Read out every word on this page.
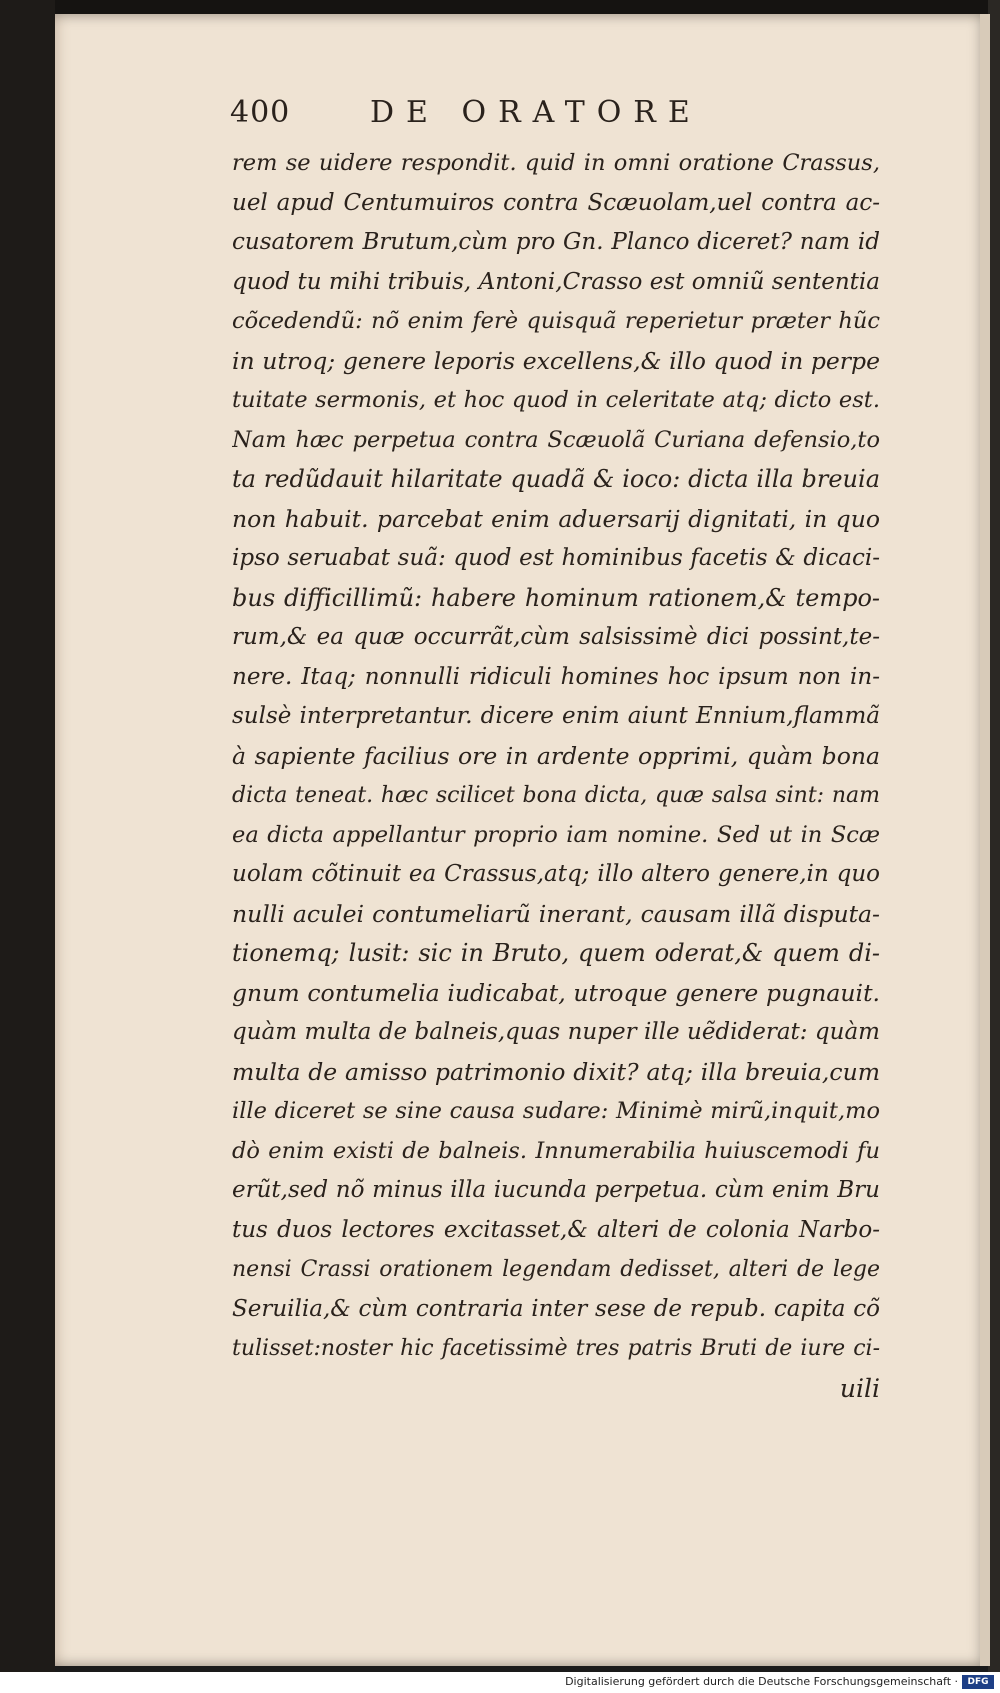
400	DE ORATORE
rem se uidere respondit. quid in omni oratione Crassus,
uel apud Centumuiros contra Scæuolam,uel contra ac-
cusatorem Brutum,cùm pro Gn. Planco diceret? nam id
quod tu mihi tribuis, Antoni,Crasso est omniũ sententia
cõcedendũ: nõ enim ferè quisquã reperietur præter hũc
in utroq; genere leporis excellens,& illo quod in perpe
tuitate sermonis, et hoc quod in celeritate atq; dicto est.
Nam hæc perpetua contra Scæuolã Curiana defensio,to
ta redũdauit hilaritate quadã & ioco: dicta illa breuia
non habuit. parcebat enim aduersarij dignitati, in quo
ipso seruabat suã: quod est hominibus facetis & dicaci-
bus difficillimũ: habere hominum rationem,& tempo-
rum,& ea quæ occurrãt,cùm salsissimè dici possint,te-
nere. Itaq; nonnulli ridiculi homines hoc ipsum non in-
sulsè interpretantur. dicere enim aiunt Ennium,flammã
à sapiente facilius ore in ardente opprimi, quàm bona
dicta teneat. hæc scilicet bona dicta, quæ salsa sint: nam
ea dicta appellantur proprio iam nomine. Sed ut in Scæ
uolam cõtinuit ea Crassus,atq; illo altero genere,in quo
nulli aculei contumeliarũ inerant, causam illã disputa-
tionemq; lusit: sic in Bruto, quem oderat,& quem di-
gnum contumelia iudicabat, utroque genere pugnauit.
quàm multa de balneis,quas nuper ille uẽdiderat: quàm
multa de amisso patrimonio dixit? atq; illa breuia,cum
ille diceret se sine causa sudare: Minimè mirũ,inquit,mo
dò enim existi de balneis. Innumerabilia huiuscemodi fu
erũt,sed nõ minus illa iucunda perpetua. cùm enim Bru
tus duos lectores excitasset,& alteri de colonia Narbo-
nensi Crassi orationem legendam dedisset, alteri de lege
Seruilia,& cùm contraria inter sese de repub. capita cõ
tulisset:noster hic facetissimè tres patris Bruti de iure ci-
uili
Digitalisierung gefördert durch die Deutsche Forschungsgemeinschaft ·	DFG
